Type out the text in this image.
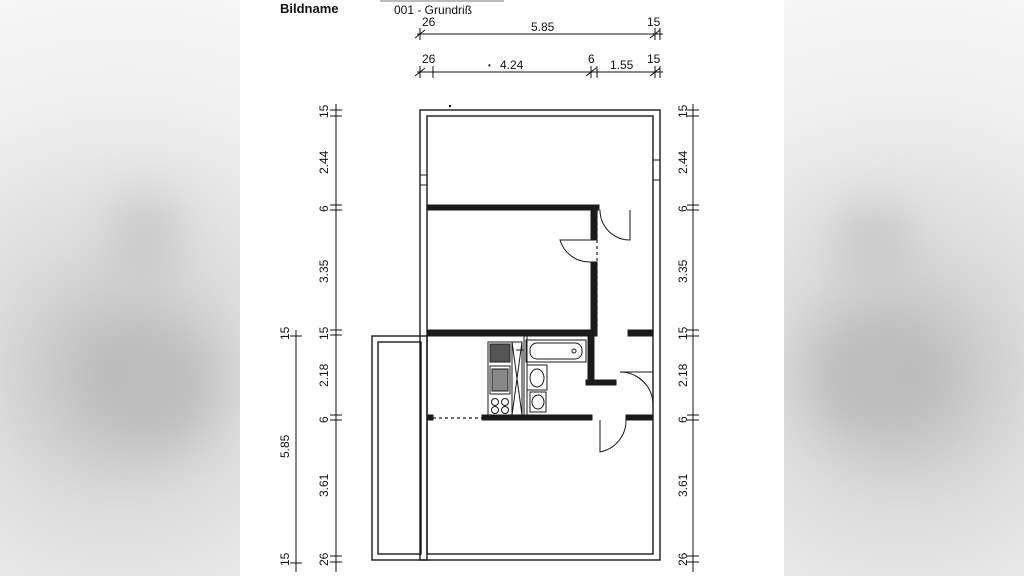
Bildname	001 - Grundriß
26	5.85	15
26	• 4.24	6 1.55 15
15
2.44
6
3.35
15
15
5.85
15
2.18
6
3.61
26
15
2.44
6
3.35
15
2.18
6
3.61
26
